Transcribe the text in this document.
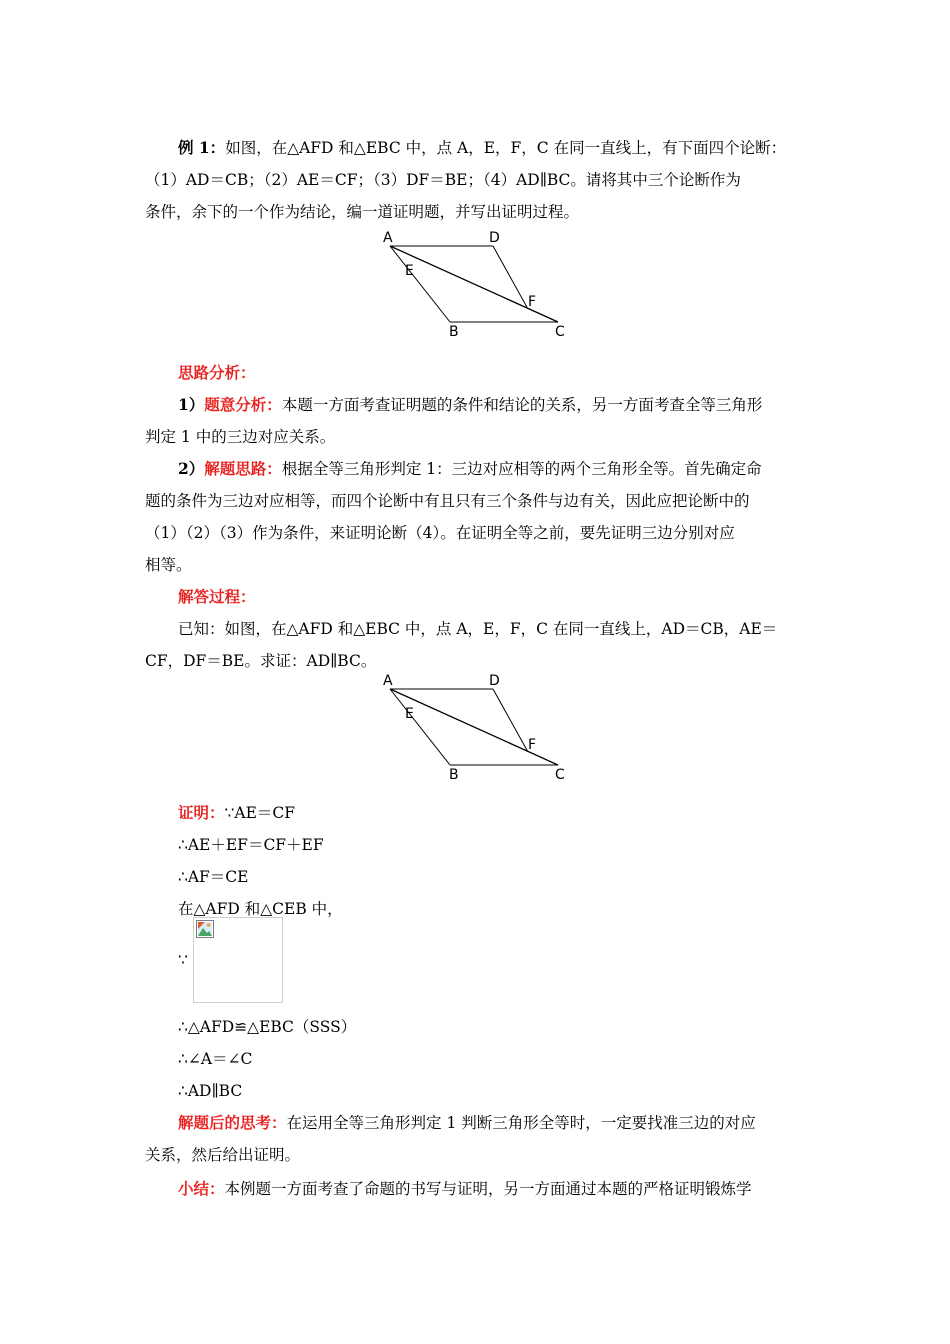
例 1：如图，在△AFD 和△EBC 中，点 A，E，F，C 在同一直线上，有下面四个论断：
（1）AD＝CB；（2）AE＝CF；（3）DF＝BE；（4）AD∥BC。请将其中三个论断作为
条件，余下的一个作为结论，编一道证明题，并写出证明过程。
A	D
E
F
B	C
思路分析：
1）题意分析：本题一方面考查证明题的条件和结论的关系，另一方面考查全等三角形
判定 1 中的三边对应关系。
2）解题思路：根据全等三角形判定 1：三边对应相等的两个三角形全等。首先确定命
题的条件为三边对应相等，而四个论断中有且只有三个条件与边有关，因此应把论断中的
（1）（2）（3）作为条件，来证明论断（4）。在证明全等之前，要先证明三边分别对应
相等。
解答过程：
已知：如图，在△AFD 和△EBC 中，点 A，E，F，C 在同一直线上，AD＝CB，AE＝
CF，DF＝BE。求证：AD∥BC。
A	D
E
F
B	C
证明：∵AE＝CF
∴AE＋EF＝CF＋EF
∴AF＝CE
在△AFD 和△CEB 中，
∵
∴△AFD≌△EBC（SSS）
∴∠A＝∠C
∴AD∥BC
解题后的思考：在运用全等三角形判定 1 判断三角形全等时，一定要找准三边的对应
关系，然后给出证明。
小结：本例题一方面考查了命题的书写与证明，另一方面通过本题的严格证明锻炼学
